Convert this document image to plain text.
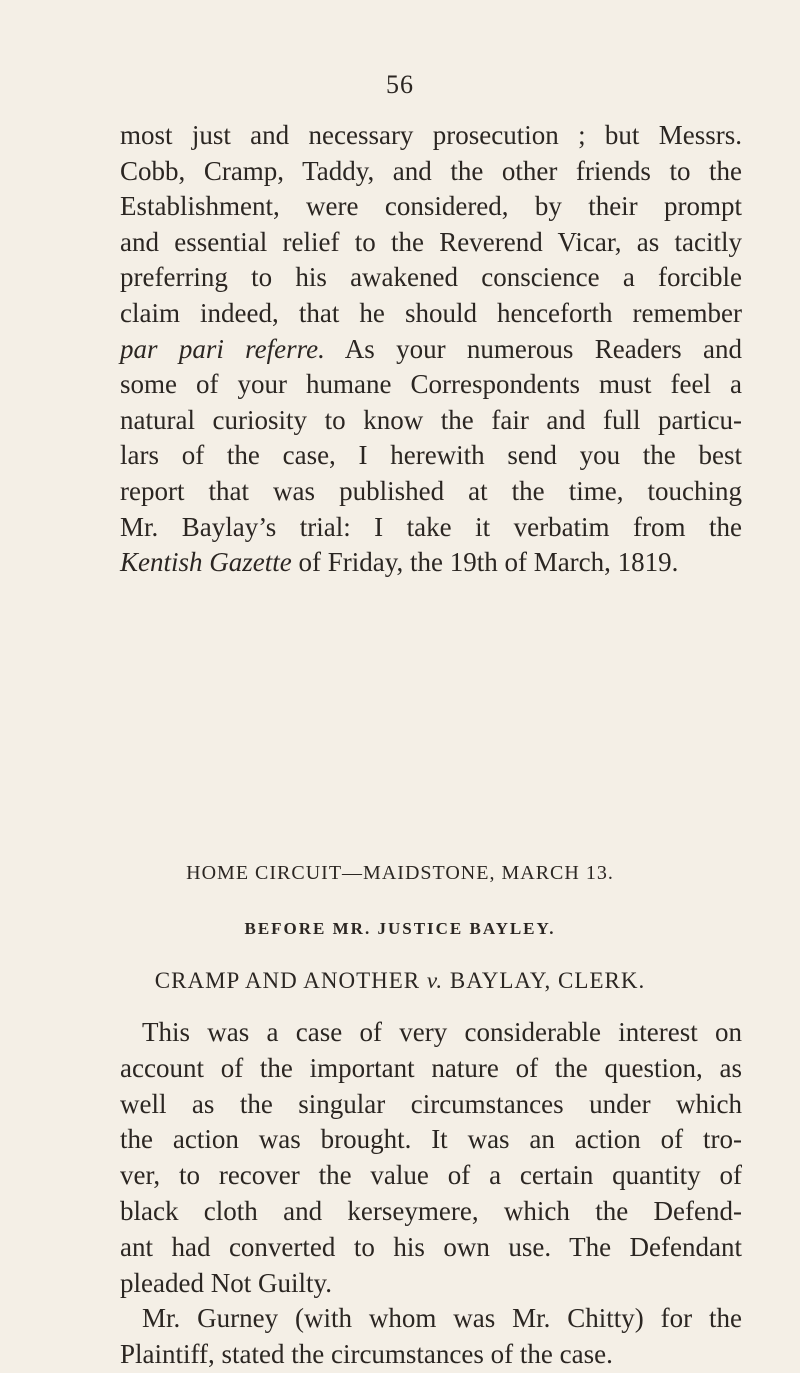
56

most just and necessary prosecution ; but Messrs.
Cobb, Cramp, Taddy, and the other friends to the
Establishment, were considered, by their prompt
and essential relief to the Reverend Vicar, as tacitly
preferring to his awakened conscience a forcible
claim indeed, that he should henceforth remember
par pari referre. As your numerous Readers and
some of your humane Correspondents must feel a
natural curiosity to know the fair and full particu-
lars of the case, I herewith send you the best
report that was published at the time, touching
Mr. Baylay’s trial: I take it verbatim from the
Kentish Gazette of Friday, the 19th of March, 1819.

HOME CIRCUIT—MAIDSTONE, MARCH 13.
BEFORE MR. JUSTICE BAYLEY.
CRAMP AND ANOTHER v. BAYLAY, CLERK.

This was a case of very considerable interest on
account of the important nature of the question, as
well as the singular circumstances under which
the action was brought. It was an action of tro-
ver, to recover the value of a certain quantity of
black cloth and kerseymere, which the Defend-
ant had converted to his own use. The Defendant
pleaded Not Guilty.
Mr. Gurney (with whom was Mr. Chitty) for the
Plaintiff, stated the circumstances of the case.
